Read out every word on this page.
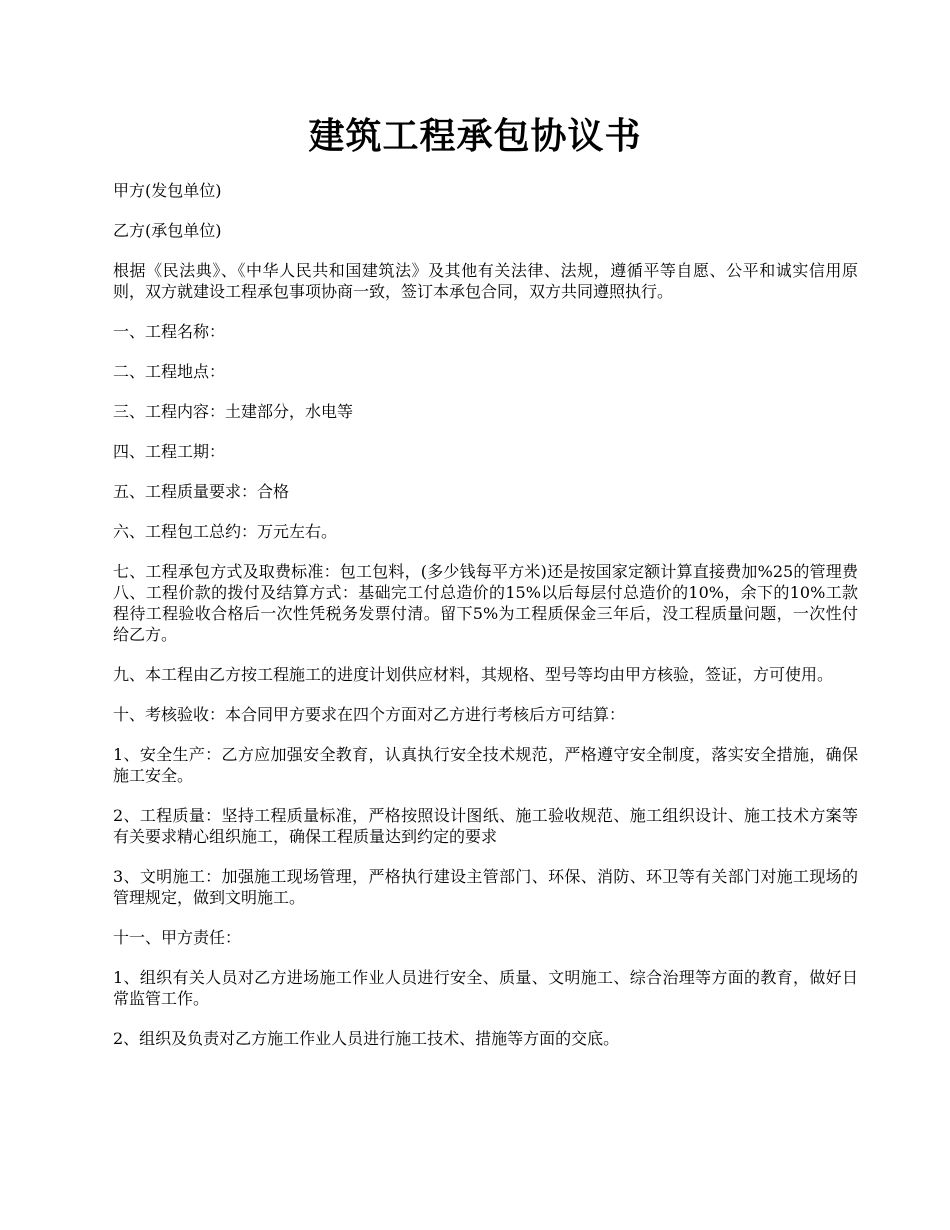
建筑工程承包协议书

甲方(发包单位)

乙方(承包单位)

根据《民法典》、《中华人民共和国建筑法》及其他有关法律、法规，遵循平等自愿、公平和诚实信用原则，双方就建设工程承包事项协商一致，签订本承包合同，双方共同遵照执行。

一、工程名称：

二、工程地点：

三、工程内容：土建部分，水电等

四、工程工期：

五、工程质量要求：合格

六、工程包工总约：万元左右。

七、工程承包方式及取费标准：包工包料，(多少钱每平方米)还是按国家定额计算直接费加%25的管理费八、工程价款的拨付及结算方式：基础完工付总造价的15%以后每层付总造价的10%，余下的10%工款程待工程验收合格后一次性凭税务发票付清。留下5%为工程质保金三年后，没工程质量问题，一次性付给乙方。

九、本工程由乙方按工程施工的进度计划供应材料，其规格、型号等均由甲方核验，签证，方可使用。

十、考核验收：本合同甲方要求在四个方面对乙方进行考核后方可结算：

1、安全生产：乙方应加强安全教育，认真执行安全技术规范，严格遵守安全制度，落实安全措施，确保施工安全。

2、工程质量：坚持工程质量标准，严格按照设计图纸、施工验收规范、施工组织设计、施工技术方案等有关要求精心组织施工，确保工程质量达到约定的要求

3、文明施工：加强施工现场管理，严格执行建设主管部门、环保、消防、环卫等有关部门对施工现场的管理规定，做到文明施工。

十一、甲方责任：

1、组织有关人员对乙方进场施工作业人员进行安全、质量、文明施工、综合治理等方面的教育，做好日常监管工作。

2、组织及负责对乙方施工作业人员进行施工技术、措施等方面的交底。
